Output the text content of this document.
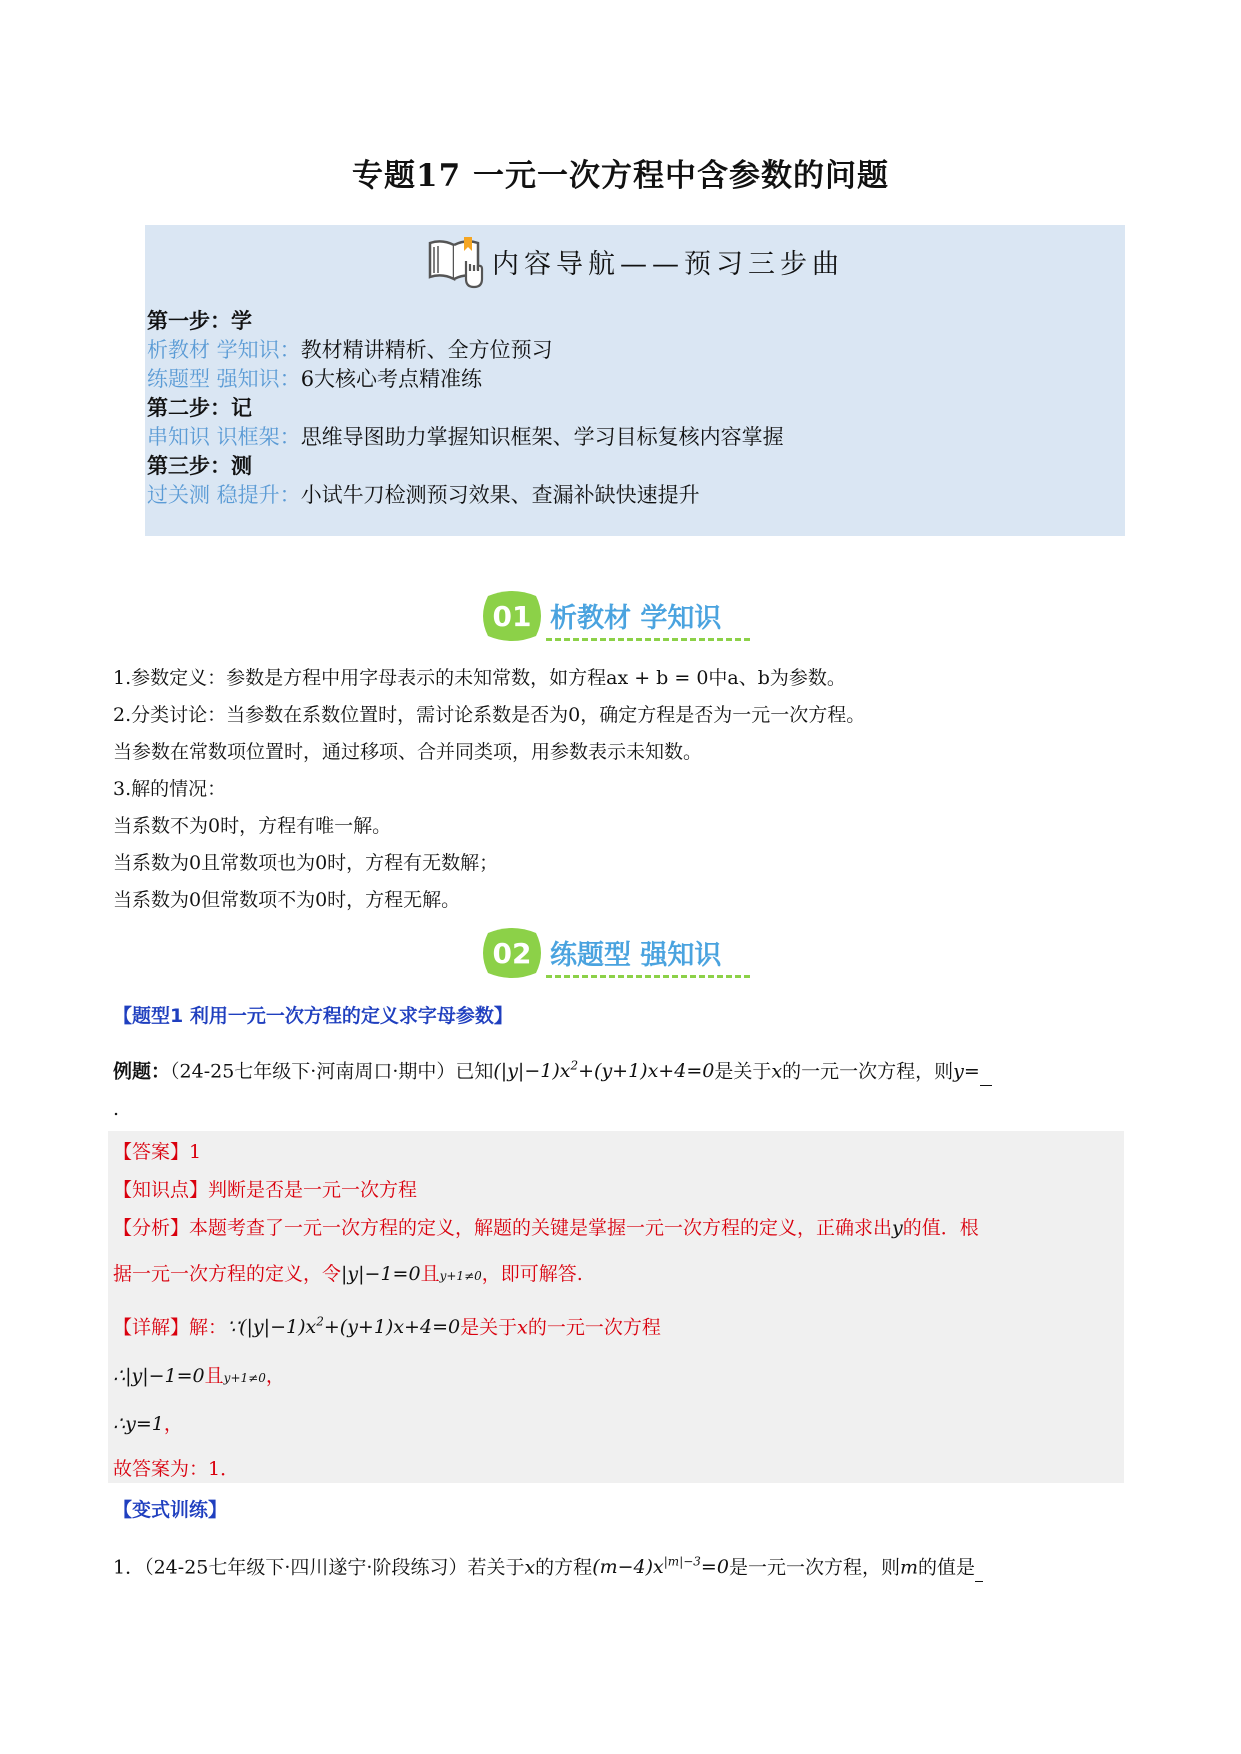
专题17 一元一次方程中含参数的问题
内容导航——预习三步曲
第一步：学
析教材 学知识：教材精讲精析、全方位预习
练题型 强知识：6大核心考点精准练
第二步：记
串知识 识框架：思维导图助力掌握知识框架、学习目标复核内容掌握
第三步：测
过关测 稳提升：小试牛刀检测预习效果、查漏补缺快速提升
01 析教材 学知识
1.参数定义：参数是方程中用字母表示的未知常数，如方程ax + b = 0中a、b为参数。
2.分类讨论：当参数在系数位置时，需讨论系数是否为0，确定方程是否为一元一次方程。
当参数在常数项位置时，通过移项、合并同类项，用参数表示未知数。
3.解的情况：
当系数不为0时，方程有唯一解。
当系数为0且常数项也为0时，方程有无数解；
当系数为0但常数项不为0时，方程无解。
02 练题型 强知识
【题型1 利用一元一次方程的定义求字母参数】
例题：（24-25七年级下·河南周口·期中）已知$(|y|-1)x^2+(y+1)x+4=0$是关于x的一元一次方程，则y=
.
【答案】1
【知识点】判断是否是一元一次方程
【分析】本题考查了一元一次方程的定义，解题的关键是掌握一元一次方程的定义，正确求出y的值．根
据一元一次方程的定义，令|y|−1=0且y+1≠0，即可解答.
【详解】解：$\because(|y|-1)x^2+(y+1)x+4=0$是关于x的一元一次方程
∴|y|−1=0且y+1≠0，
∴y=1，
故答案为：1．
【变式训练】
1．（24-25七年级下·四川遂宁·阶段练习）若关于x的方程$(m-4)x^{|m|-3}=0$是一元一次方程，则m的值是
